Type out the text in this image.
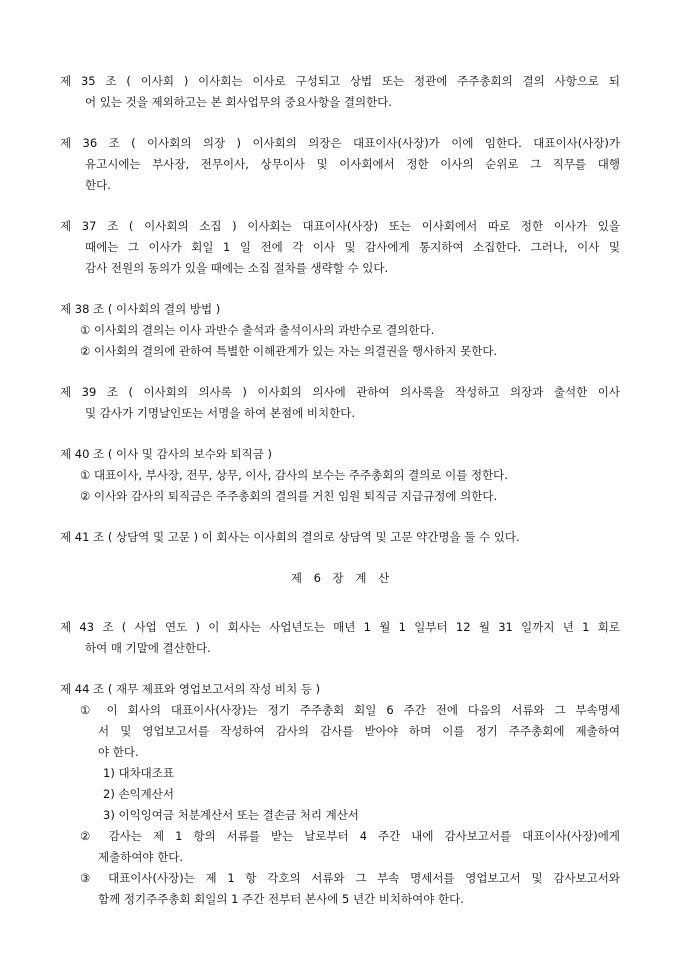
제 35 조 ( 이사회 ) 이사회는 이사로 구성되고 상법 또는 정관에 주주총회의 결의 사항으로 되
어 있는 것을 제외하고는 본 회사업무의 중요사항을 결의한다.
제 36 조 ( 이사회의 의장 ) 이사회의 의장은 대표이사(사장)가 이에 임한다. 대표이사(사장)가
유고시에는 부사장, 전무이사, 상무이사 및 이사회에서 정한 이사의 순위로 그 직무를 대행
한다.
제 37 조 ( 이사회의 소집 ) 이사회는 대표이사(사장) 또는 이사회에서 따로 정한 이사가 있을
때에는 그 이사가 회일 1 일 전에 각 이사 및 감사에게 통지하여 소집한다. 그러나, 이사 및
감사 전원의 동의가 있을 때에는 소집 절차를 생략할 수 있다.
제 38 조 ( 이사회의 결의 방법 )
① 이사회의 결의는 이사 과반수 출석과 출석이사의 과반수로 결의한다.
② 이사회의 결의에 관하여 특별한 이해관계가 있는 자는 의결권을 행사하지 못한다.
제 39 조 ( 이사회의 의사록 ) 이사회의 의사에 관하여 의사록을 작성하고 의장과 출석한 이사
및 감사가 기명날인또는 서명을 하여 본점에 비치한다.
제 40 조 ( 이사 및 감사의 보수와 퇴직금 )
① 대표이사, 부사장, 전무, 상무, 이사, 감사의 보수는 주주총회의 결의로 이를 정한다.
② 이사와 감사의 퇴직금은 주주총회의 결의를 거친 임원 퇴직금 지급규정에 의한다.
제 41 조 ( 상담역 및 고문 ) 이 회사는 이사회의 결의로 상담역 및 고문 약간명을 둘 수 있다.
제 6 장 계 산
제 43 조 ( 사업 연도 ) 이 회사는 사업년도는 매년 1 월 1 일부터 12 월 31 일까지 년 1 회로
하여 매 기말에 결산한다.
제 44 조 ( 재무 제표와 영업보고서의 작성 비치 등 )
① 이 회사의 대표이사(사장)는 정기 주주총회 회일 6 주간 전에 다음의 서류와 그 부속명세
서 및 영업보고서를 작성하여 감사의 감사를 받아야 하며 이를 정기 주주총회에 제출하여
야 한다.
1) 대차대조표
2) 손익계산서
3) 이익잉여금 처분계산서 또는 결손금 처리 계산서
② 감사는 제 1 항의 서류를 받는 날로부터 4 주간 내에 감사보고서를 대표이사(사장)에게
제출하여야 한다.
③ 대표이사(사장)는 제 1 항 각호의 서류와 그 부속 명세서를 영업보고서 및 감사보고서와
함께 정기주주총회 회일의 1 주간 전부터 본사에 5 년간 비치하여야 한다.
